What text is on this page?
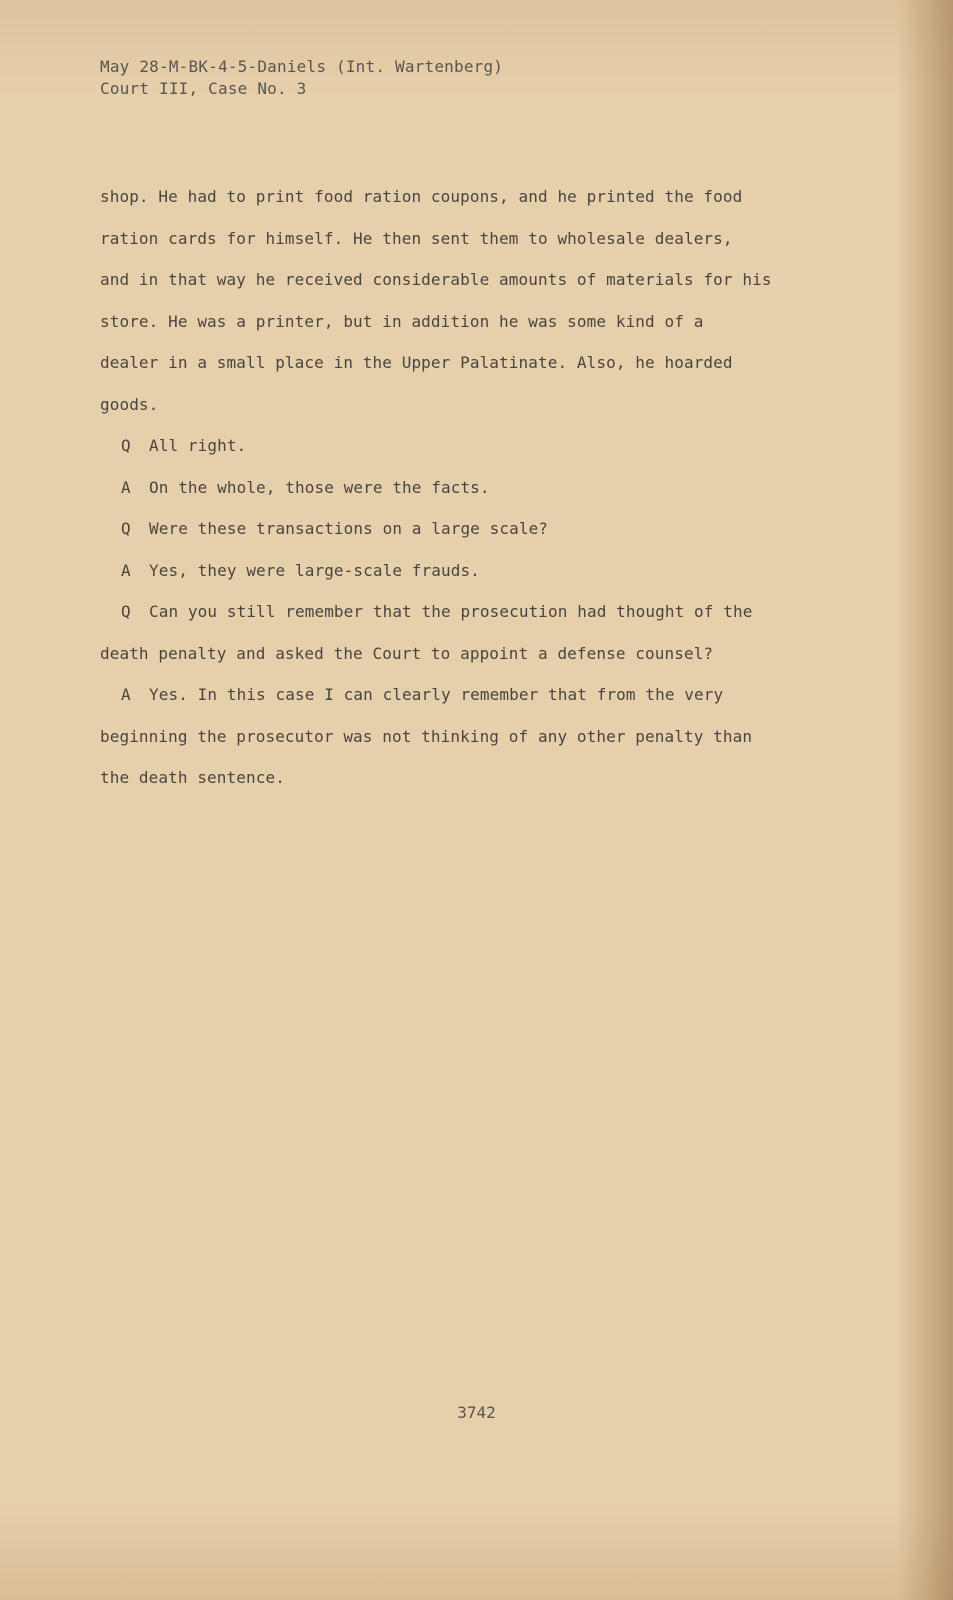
May 28-M-BK-4-5-Daniels (Int. Wartenberg)
Court III, Case No. 3
shop. He had to print food ration coupons, and he printed the food
ration cards for himself. He then sent them to wholesale dealers,
and in that way he received considerable amounts of materials for his
store. He was a printer, but in addition he was some kind of a
dealer in a small place in the Upper Palatinate. Also, he hoarded
goods.
Q All right.
A On the whole, those were the facts.
Q Were these transactions on a large scale?
A Yes, they were large-scale frauds.
Q Can you still remember that the prosecution had thought of the
death penalty and asked the Court to appoint a defense counsel?
A Yes. In this case I can clearly remember that from the very
beginning the prosecutor was not thinking of any other penalty than
the death sentence.
3742
